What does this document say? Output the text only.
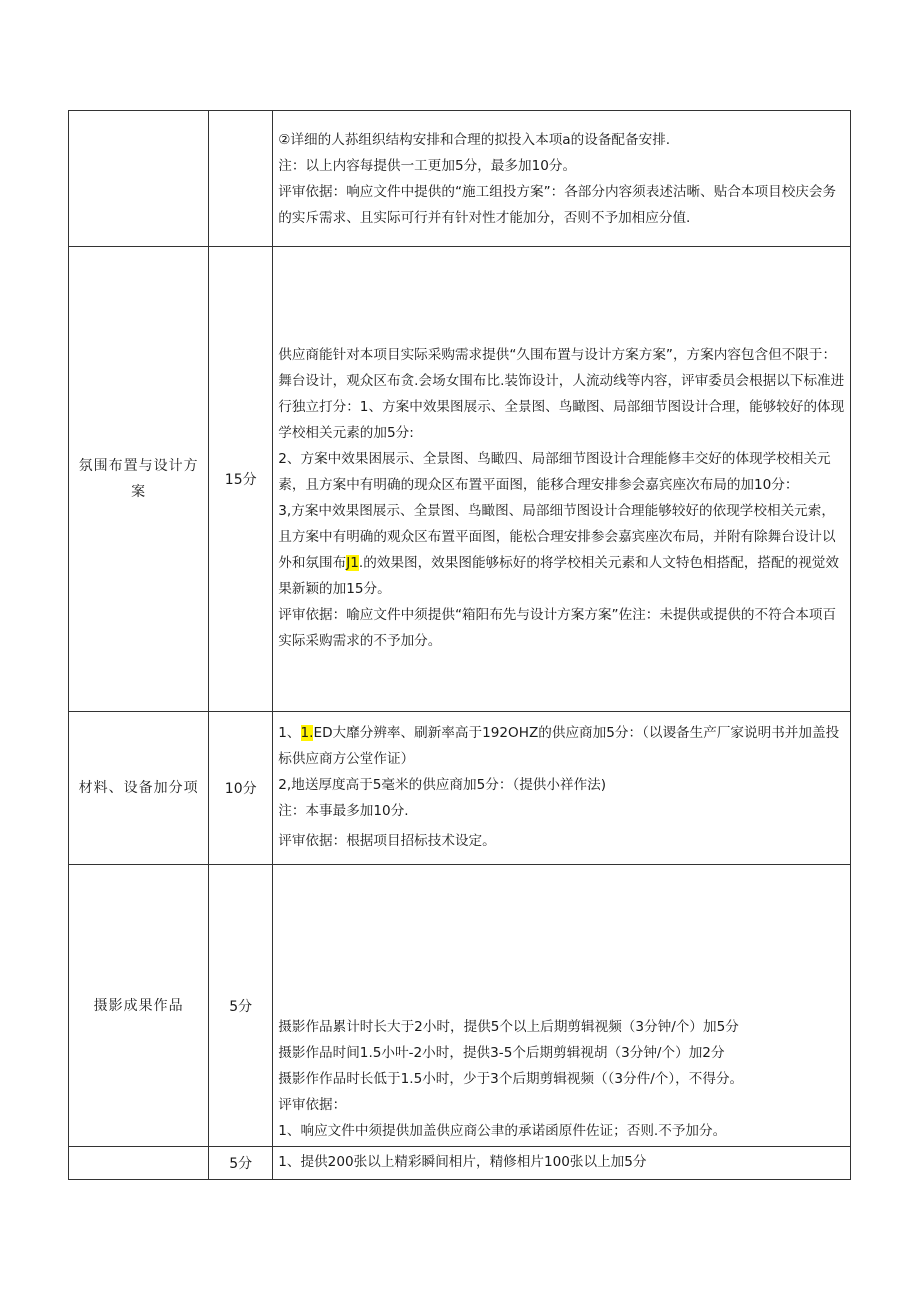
		②详细的人荪组织结构安排和合理的拟投入本项a的设备配备安排.

注：以上内容每提供一工更加5分，最多加10分。

评审依据：响应文件中提供的“施工组投方案”：各部分内容须表述沽晰、贴合本项目校庆会务的实斥需求、且实际可行并有针对性才能加分，否则不予加相应分值.

氛围布置与设计方案	15分	供应商能针对本项目实际采购需求提供“久围布置与设计方案方案”，方案内容包含但不限于：舞台设计，观众区布贪.会场女围布比.装饰设计，人流动线等内容，评审委员会根据以下标准进行独立打分：1、方案中效果图展示、全景图、鸟瞰图、局部细节图设计合理，能够较好的体现学校相关元素的加5分:

2、方案中效果困展示、全景图、鸟瞰四、局部细节图设计合理能修丰交好的体现学校相关元素，且方案中有明确的现众区布置平面图，能移合理安排参会嘉宾座次布局的加10分：

3,方案中效果图展示、全景图、鸟瞰图、局部细节图设计合理能够较好的依现学校相关元索，且方案中有明确的观众区布置平面图，能松合理安排参会嘉宾座次布局，并附有除舞台设计以外和氛围布J1.的效果图，效果图能够标好的将学校相关元素和人文特色相搭配，搭配的视觉效果新颖的加15分。

评审依据：喻应文件中须提供“箱阳布先与设计方案方案”佐注：未提供或提供的不符合本项百实际采购需求的不予加分。

材料、设备加分项	10分	1、1.ED大靡分辨率、刷新率高于192OHZ的供应商加5分：（以谡备生产厂家说明书并加盖投标供应商方公堂作证）

2,地送厚度高于5毫米的供应商加5分：（提供小祥作法)

注：本事最多加10分.

评审依据：根据项目招标技术设定。

摄影成果作品	5分	摄影作品累计时长大于2小时，提供5个以上后期剪辑视频（3分钟/个）加5分

摄影作品时间1.5小叶-2小时，提供3-5个后期剪辑视胡（3分钟/个）加2分

摄影作作品时长低于1.5小时，少于3个后期剪辑视频（（3分件/个），不得分。

评审依据：

1、响应文件中须提供加盖供应商公聿的承诺函原件佐证；否则.不予加分。

	5分	1、提供200张以上精彩瞬间相片，精修相片100张以上加5分
